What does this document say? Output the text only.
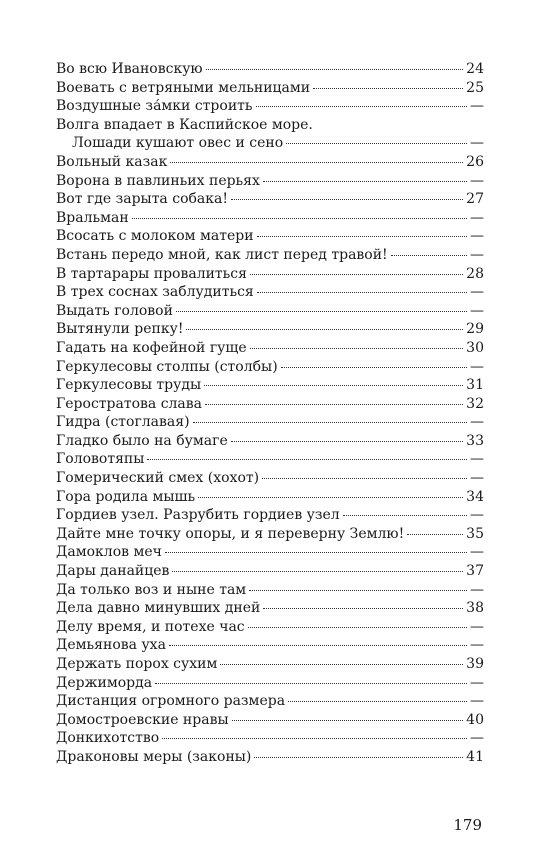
Во всю Ивановскую	24
Воевать с ветряными мельницами	25
Воздушные за́мки строить	—
Волга впадает в Каспийское море.
Лошади кушают овес и сено	—
Вольный казак	26
Ворона в павлиньих перьях	—
Вот где зарыта собака!	27
Вральман	—
Всосать с молоком матери	—
Встань передо мной, как лист перед травой!	—
В тартарары провалиться	28
В трех соснах заблудиться	—
Выдать головой	—
Вытянули репку!	29
Гадать на кофейной гуще	30
Геркулесовы столпы (столбы)	—
Геркулесовы труды	31
Геростратова слава	32
Гидра (стоглавая)	—
Гладко было на бумаге	33
Головотяпы	—
Гомерический смех (хохот)	—
Гора родила мышь	34
Гордиев узел. Разрубить гордиев узел	—
Дайте мне точку опоры, и я переверну Землю!	35
Дамоклов меч	—
Дары данайцев	37
Да только воз и ныне там	—
Дела давно минувших дней	38
Делу время, и потехе час	—
Демьянова уха	—
Держать порох сухим	39
Держиморда	—
Дистанция огромного размера	—
Домостроевские нравы	40
Донкихотство	—
Драконовы меры (законы)	41
179
